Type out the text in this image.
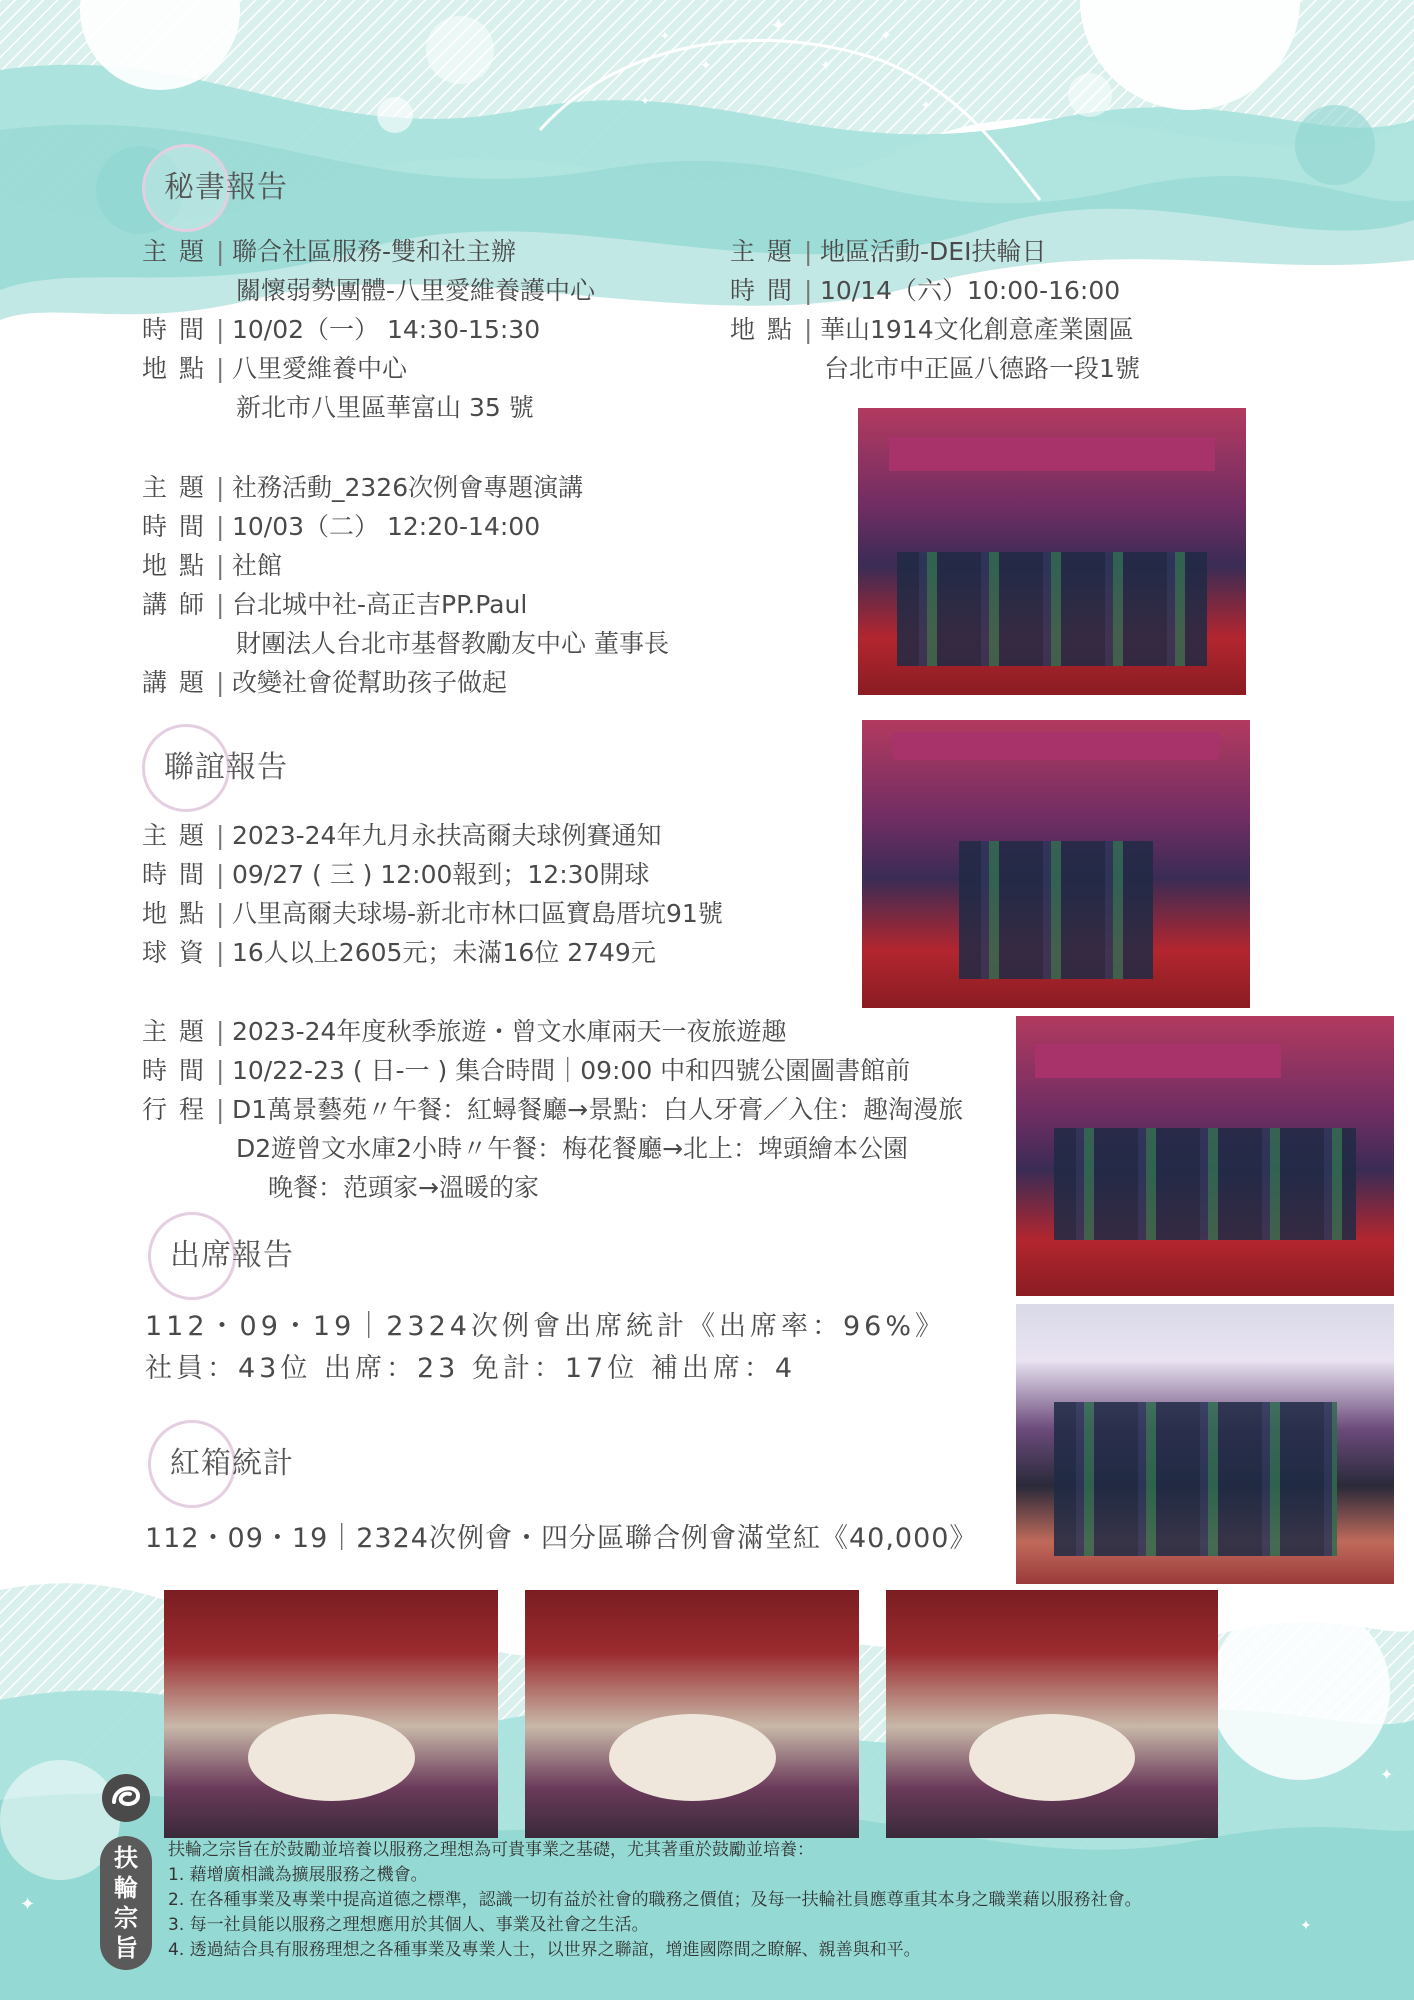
✦
✦
✦
✦
✦
✦
✦
✦
✦
✦
秘書報告
主 題 | 聯合社區服務-雙和社主辦
關懷弱勢團體-八里愛維養護中心
時 間 | 10/02（一） 14:30-15:30
地 點 | 八里愛維養中心
新北市八里區華富山 35 號
主 題 | 地區活動-DEI扶輪日
時 間 | 10/14（六）10:00-16:00
地 點 | 華山1914文化創意產業園區
台北市中正區八德路一段1號
主 題 | 社務活動_2326次例會專題演講
時 間 | 10/03（二） 12:20-14:00
地 點 | 社館
講 師 | 台北城中社-高正吉PP.Paul
財團法人台北市基督教勵友中心 董事長
講 題 | 改變社會從幫助孩子做起
聯誼報告
主 題 | 2023-24年九月永扶高爾夫球例賽通知
時 間 | 09/27 ( 三 ) 12:00報到；12:30開球
地 點 | 八里高爾夫球場-新北市林口區寶島厝坑91號
球 資 | 16人以上2605元；未滿16位 2749元
主 題 | 2023-24年度秋季旅遊・曾文水庫兩天一夜旅遊趣
時 間 | 10/22-23 ( 日-一 ) 集合時間｜09:00 中和四號公園圖書館前
行 程 | D1萬景藝苑〃午餐：紅蟳餐廳→景點：白人牙膏／入住：趣淘漫旅
D2遊曾文水庫2小時〃午餐：梅花餐廳→北上：埤頭繪本公園
晚餐：范頭家→溫暖的家
出席報告
112・09・19｜2324次例會出席統計《出席率：96%》
社員：43位 出席：23 免計：17位 補出席：4
紅箱統計
112・09・19｜2324次例會・四分區聯合例會滿堂紅《40,000》
扶
輪
宗
旨
扶輪之宗旨在於鼓勵並培養以服務之理想為可貴事業之基礎，尤其著重於鼓勵並培養：
1. 藉增廣相識為擴展服務之機會。
2. 在各種事業及專業中提高道德之標準，認識一切有益於社會的職務之價值；及每一扶輪社員應尊重其本身之職業藉以服務社會。
3. 每一社員能以服務之理想應用於其個人、事業及社會之生活。
4. 透過結合具有服務理想之各種事業及專業人士，以世界之聯誼，增進國際間之瞭解、親善與和平。
